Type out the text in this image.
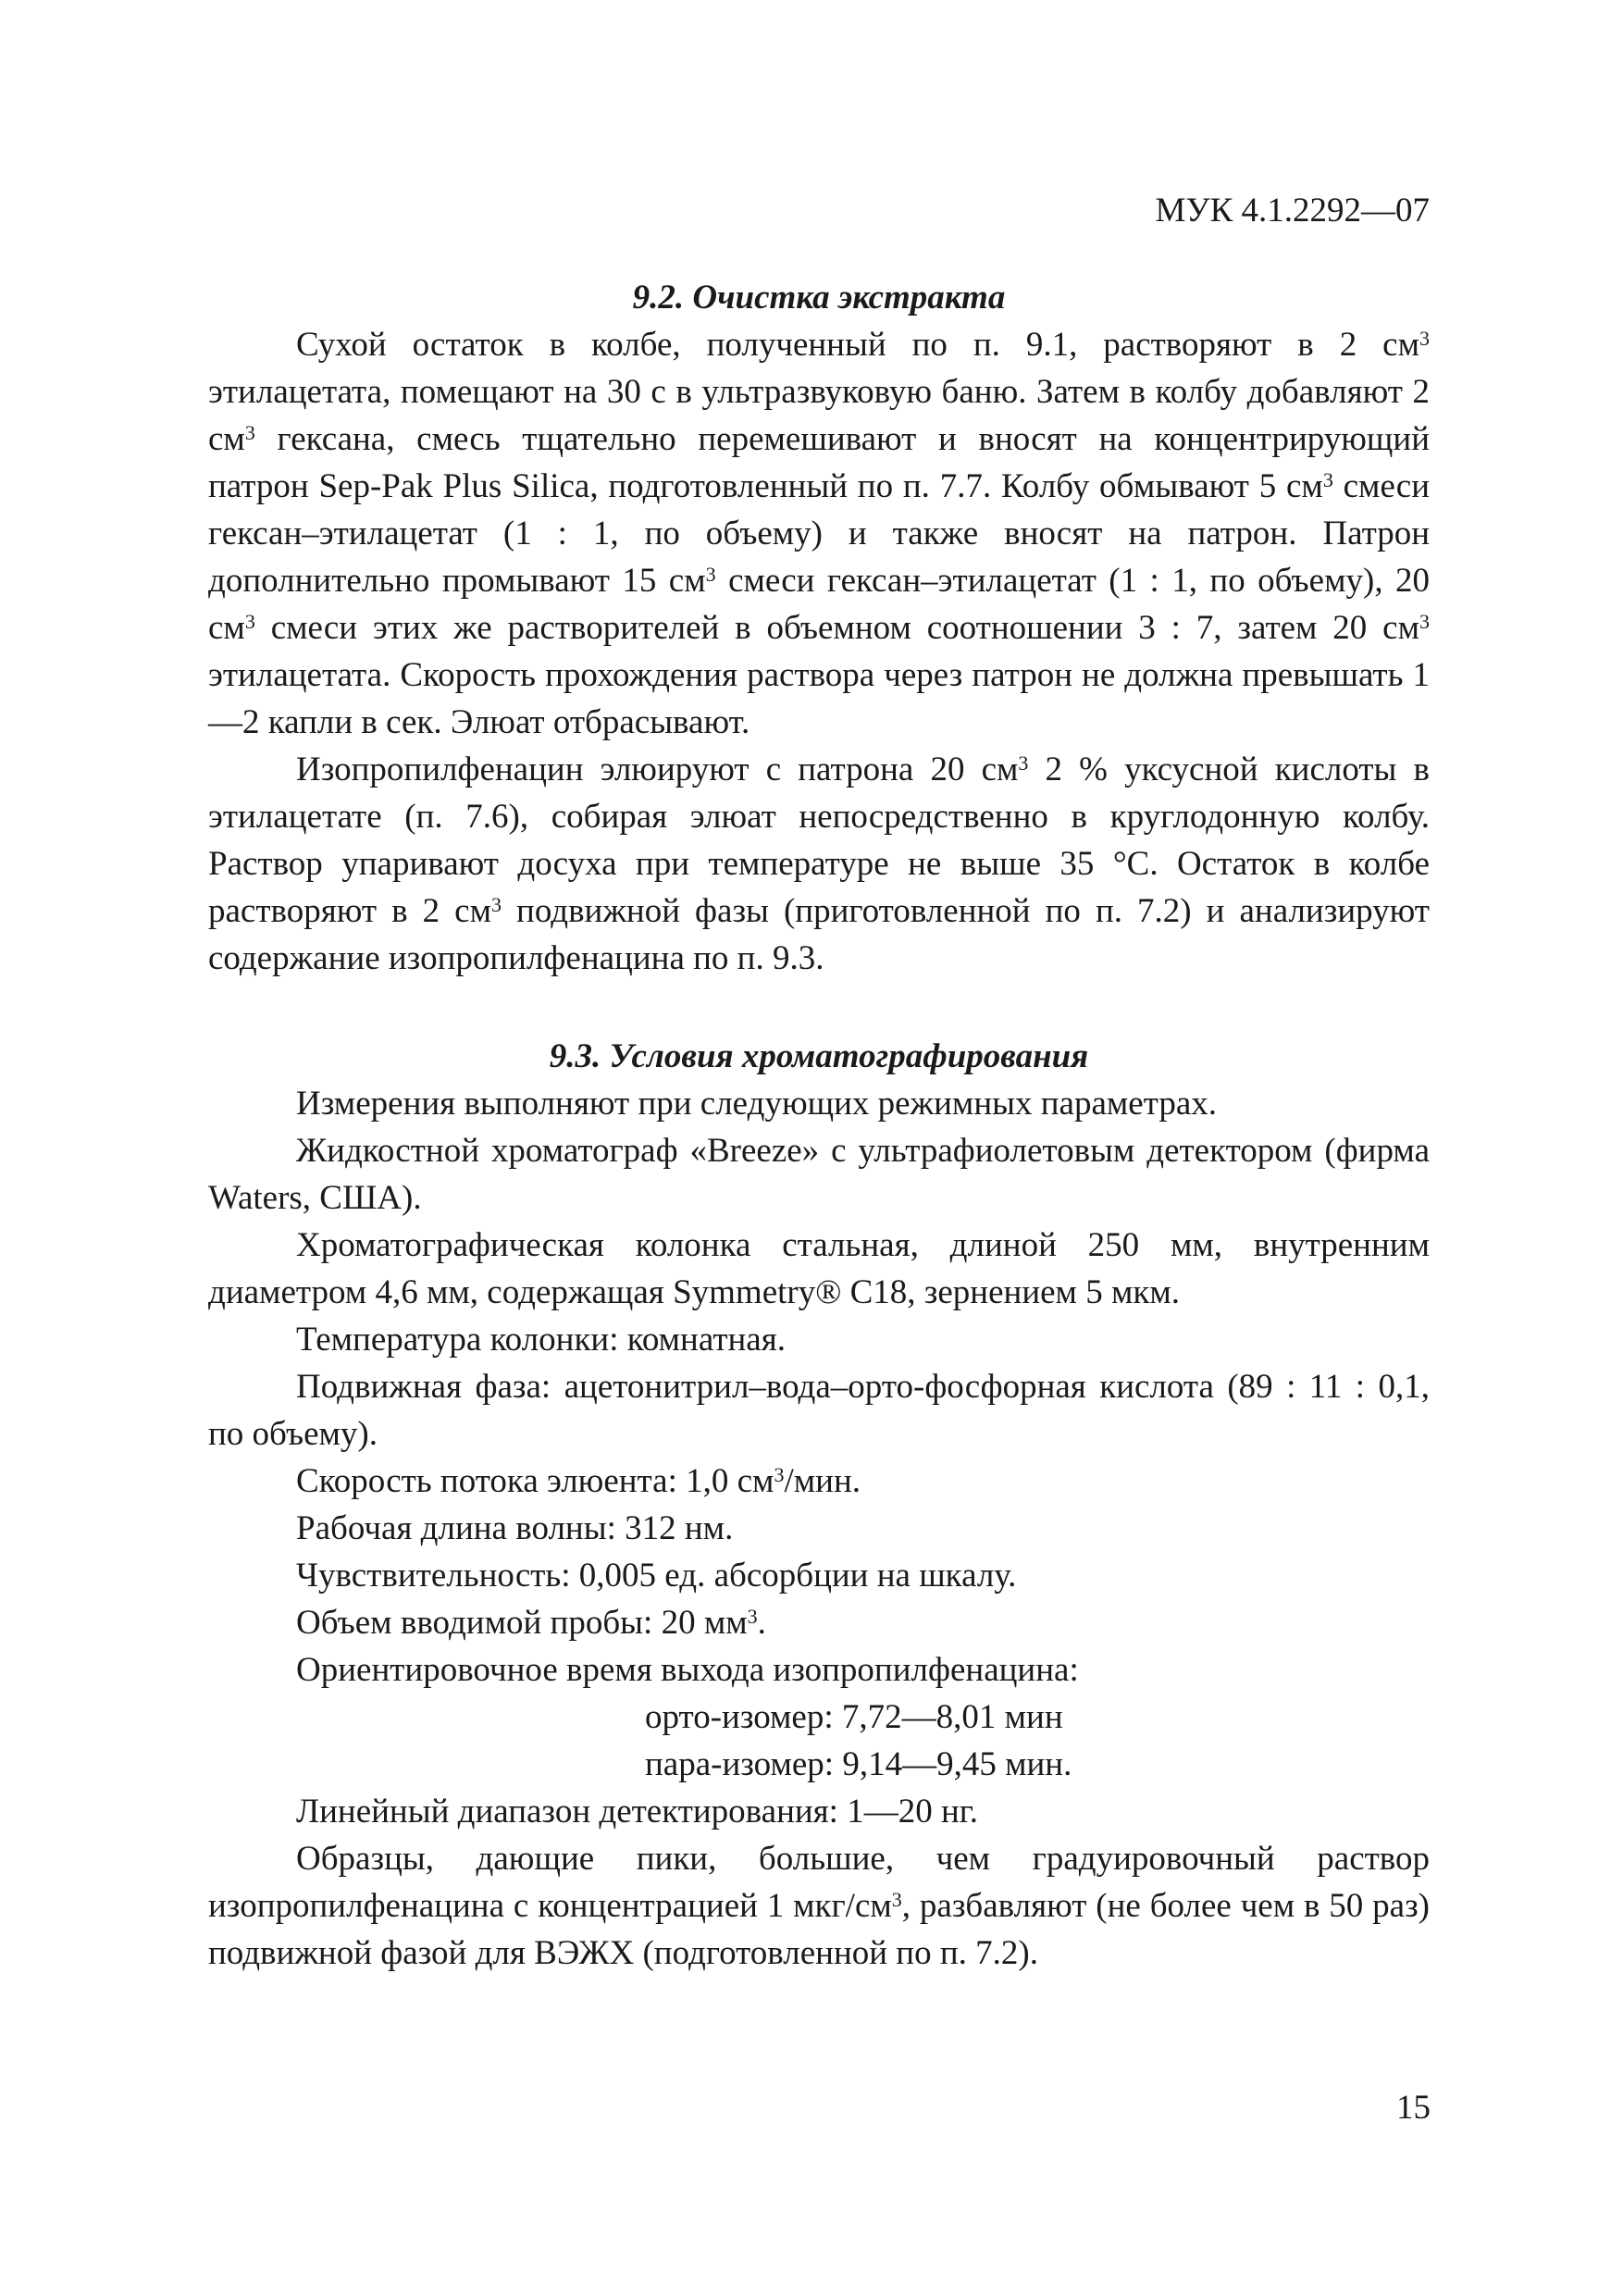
МУК 4.1.2292—07

9.2. Очистка экстракта

Сухой остаток в колбе, полученный по п. 9.1, растворяют в 2 $см^3$ этилацетата, помещают на 30 с в ультразвуковую баню. Затем в колбу добавляют 2 $см^3$ гексана, смесь тщательно перемешивают и вносят на концентрирующий патрон Sep-Pak Plus Silica, подготовленный по п. 7.7. Колбу обмывают 5 $см^3$ смеси гексан–этилацетат (1 : 1, по объему) и также вносят на патрон. Патрон дополнительно промывают 15 $см^3$ смеси гексан–этилацетат (1 : 1, по объему), 20 $см^3$ смеси этих же растворителей в объемном соотношении 3 : 7, затем 20 $см^3$ этилацетата. Скорость прохождения раствора через патрон не должна превышать 1—2 капли в сек. Элюат отбрасывают.

Изопропилфенацин элюируют с патрона 20 $см^3$ 2 % уксусной кислоты в этилацетате (п. 7.6), собирая элюат непосредственно в круглодонную колбу. Раствор упаривают досуха при температуре не выше 35 °С. Остаток в колбе растворяют в 2 $см^3$ подвижной фазы (приготовленной по п. 7.2) и анализируют содержание изопропилфенацина по п. 9.3.

9.3. Условия хроматографирования

Измерения выполняют при следующих режимных параметрах.

Жидкостной хроматограф «Breeze» с ультрафиолетовым детектором (фирма Waters, США).

Хроматографическая колонка стальная, длиной 250 мм, внутренним диаметром 4,6 мм, содержащая Symmetry® C18, зернением 5 мкм.

Температура колонки: комнатная.

Подвижная фаза: ацетонитрил–вода–орто-фосфорная кислота (89 : 11 : 0,1, по объему).

Скорость потока элюента: 1,0 $см^3$/мин.

Рабочая длина волны: 312 нм.

Чувствительность: 0,005 ед. абсорбции на шкалу.

Объем вводимой пробы: 20 $мм^3$.

Ориентировочное время выхода изопропилфенацина:

орто-изомер: 7,72—8,01 мин

пара-изомер: 9,14—9,45 мин.

Линейный диапазон детектирования: 1—20 нг.

Образцы, дающие пики, большие, чем градуировочный раствор изопропилфенацина с концентрацией 1 мкг/$см^3$, разбавляют (не более чем в 50 раз) подвижной фазой для ВЭЖХ (подготовленной по п. 7.2).

15
